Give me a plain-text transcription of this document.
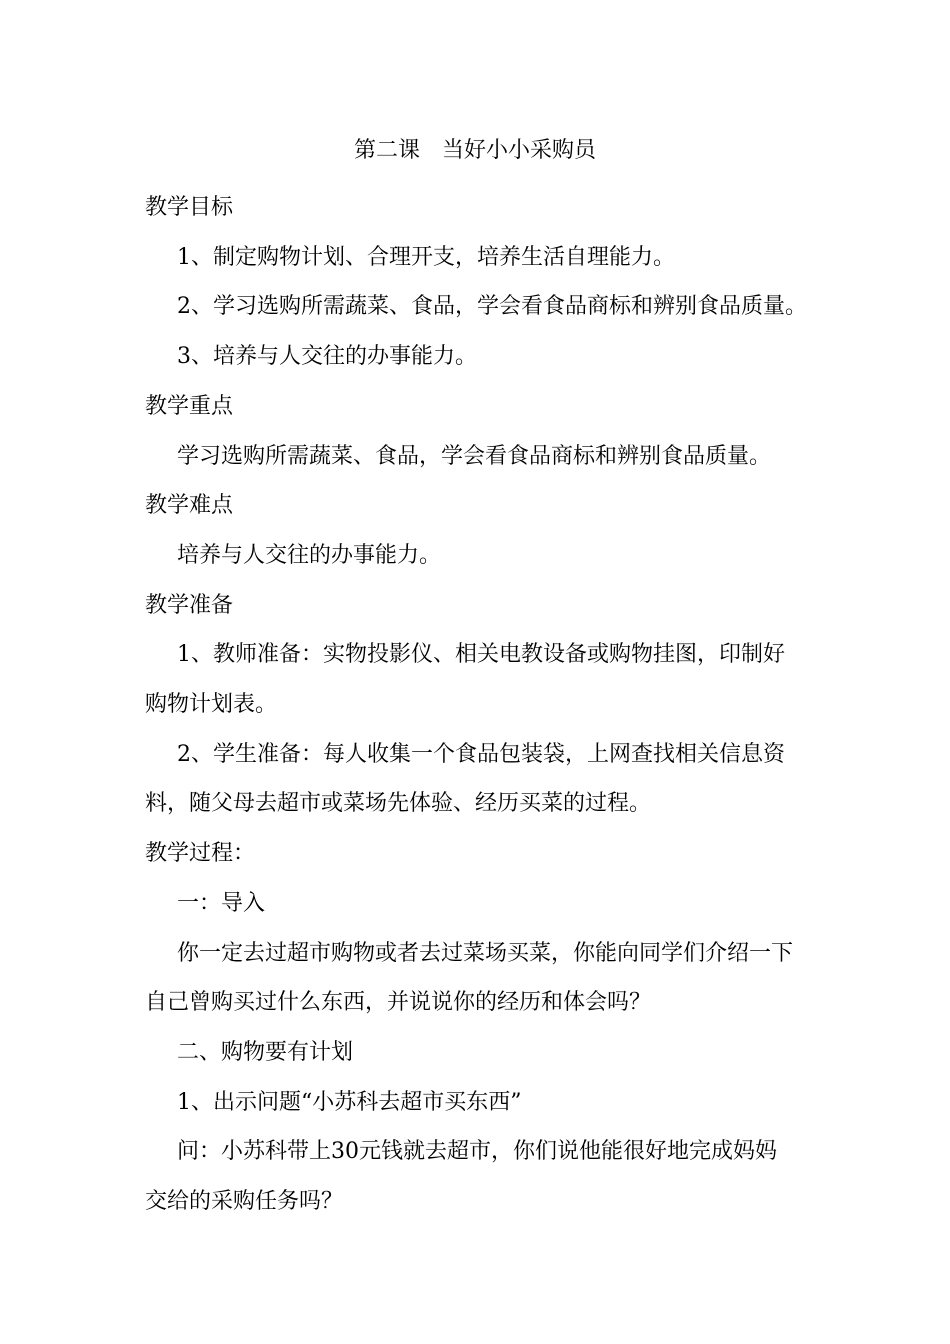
第二课　当好小小采购员

教学目标

1、制定购物计划、合理开支，培养生活自理能力。

2、学习选购所需蔬菜、食品，学会看食品商标和辨别食品质量。

3、培养与人交往的办事能力。

教学重点

学习选购所需蔬菜、食品，学会看食品商标和辨别食品质量。

教学难点

培养与人交往的办事能力。

教学准备

1、教师准备：实物投影仪、相关电教设备或购物挂图，印制好

购物计划表。

2、学生准备：每人收集一个食品包装袋，上网查找相关信息资

料，随父母去超市或菜场先体验、经历买菜的过程。

教学过程：

一：导入

你一定去过超市购物或者去过菜场买菜，你能向同学们介绍一下

自己曾购买过什么东西，并说说你的经历和体会吗？

二、购物要有计划

1、出示问题“小苏科去超市买东西”

问：小苏科带上30元钱就去超市，你们说他能很好地完成妈妈

交给的采购任务吗？
